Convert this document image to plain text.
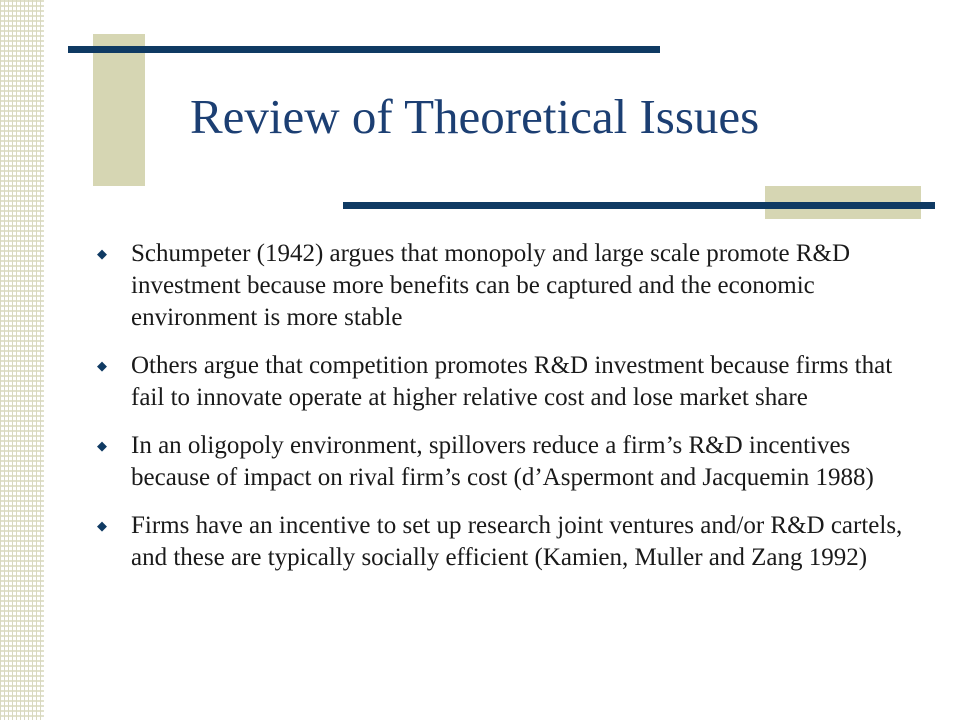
Review of Theoretical Issues
◆ Schumpeter (1942) argues that monopoly and large scale promote R&D investment because more benefits can be captured and the economic environment is more stable
◆ Others argue that competition promotes R&D investment because firms that fail to innovate operate at higher relative cost and lose market share
◆ In an oligopoly environment, spillovers reduce a firm’s R&D incentives because of impact on rival firm’s cost (d’Aspermont and Jacquemin 1988)
◆ Firms have an incentive to set up research joint ventures and/or R&D cartels, and these are typically socially efficient (Kamien, Muller and Zang 1992)
